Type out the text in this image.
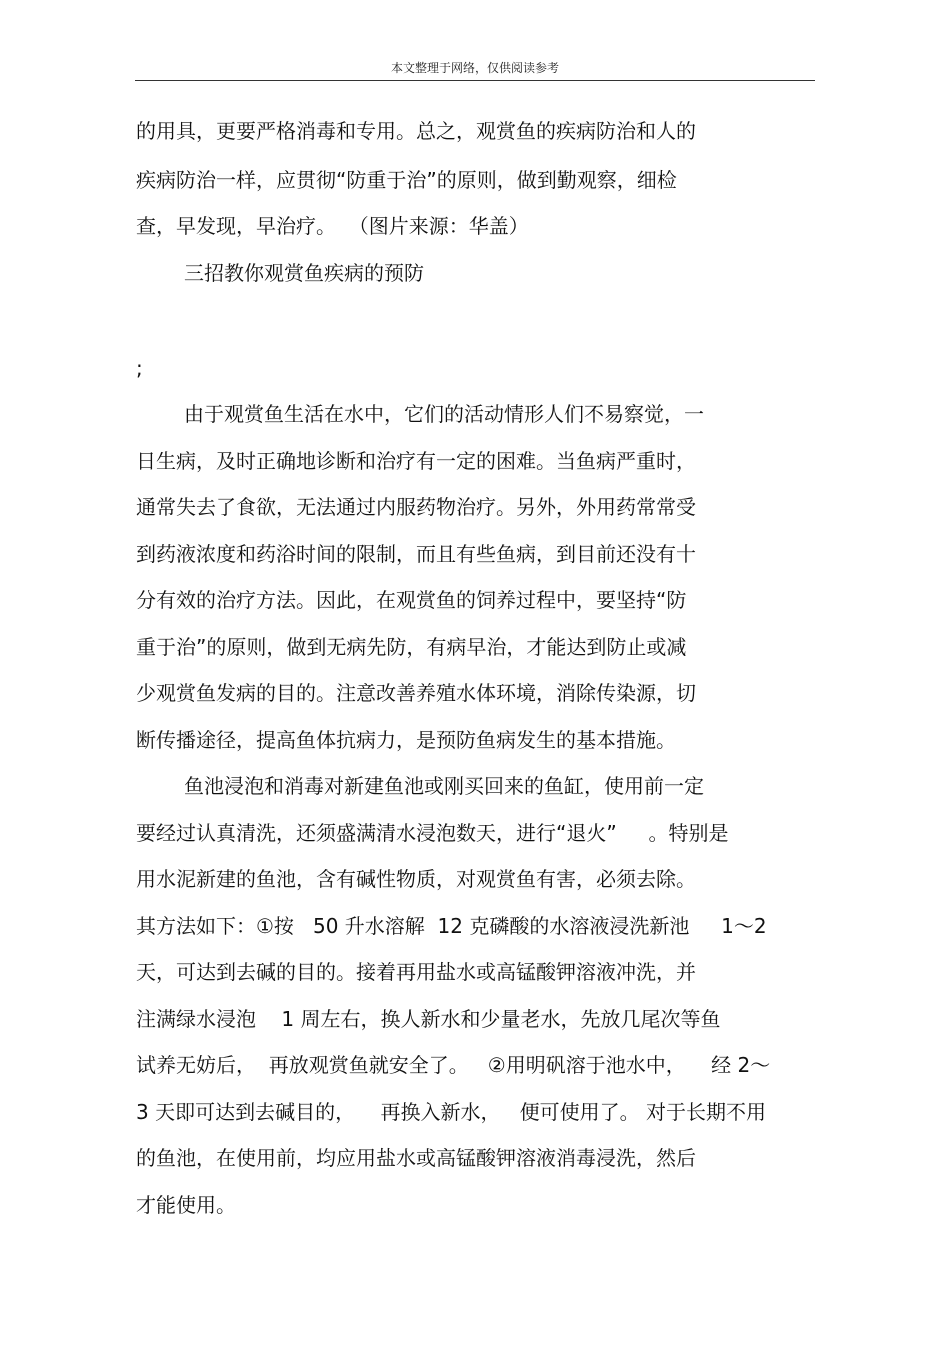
本文整理于网络，仅供阅读参考
的用具，更要严格消毒和专用。总之，观赏鱼的疾病防治和人的
疾病防治一样，应贯彻“防重于治”的原则，做到勤观察，细检
查，早发现，早治疗。  （图片来源：华盖）
三招教你观赏鱼疾病的预防
;
由于观赏鱼生活在水中，它们的活动情形人们不易察觉，一
日生病，及时正确地诊断和治疗有一定的困难。当鱼病严重时，
通常失去了食欲，无法通过内服药物治疗。另外，外用药常常受
到药液浓度和药浴时间的限制，而且有些鱼病，到目前还没有十
分有效的治疗方法。因此，在观赏鱼的饲养过程中，要坚持“防
重于治”的原则，做到无病先防，有病早治，才能达到防止或减
少观赏鱼发病的目的。注意改善养殖水体环境，消除传染源，切
断传播途径，提高鱼体抗病力，是预防鱼病发生的基本措施。
鱼池浸泡和消毒对新建鱼池或刚买回来的鱼缸，使用前一定
要经过认真清洗，还须盛满清水浸泡数天，进行“退火”     。特别是
用水泥新建的鱼池，含有碱性物质，对观赏鱼有害，必须去除。
其方法如下：①按   50 升水溶解  12 克磷酸的水溶液浸洗新池     1～2
天，可达到去碱的目的。接着再用盐水或高锰酸钾溶液冲洗，并
注满绿水浸泡    1 周左右，换人新水和少量老水，先放几尾次等鱼
试养无妨后，  再放观赏鱼就安全了。   ②用明矾溶于池水中，    经 2～
3 天即可达到去碱目的，    再换入新水，   便可使用了。 对于长期不用
的鱼池，在使用前，均应用盐水或高锰酸钾溶液消毒浸洗，然后
才能使用。
